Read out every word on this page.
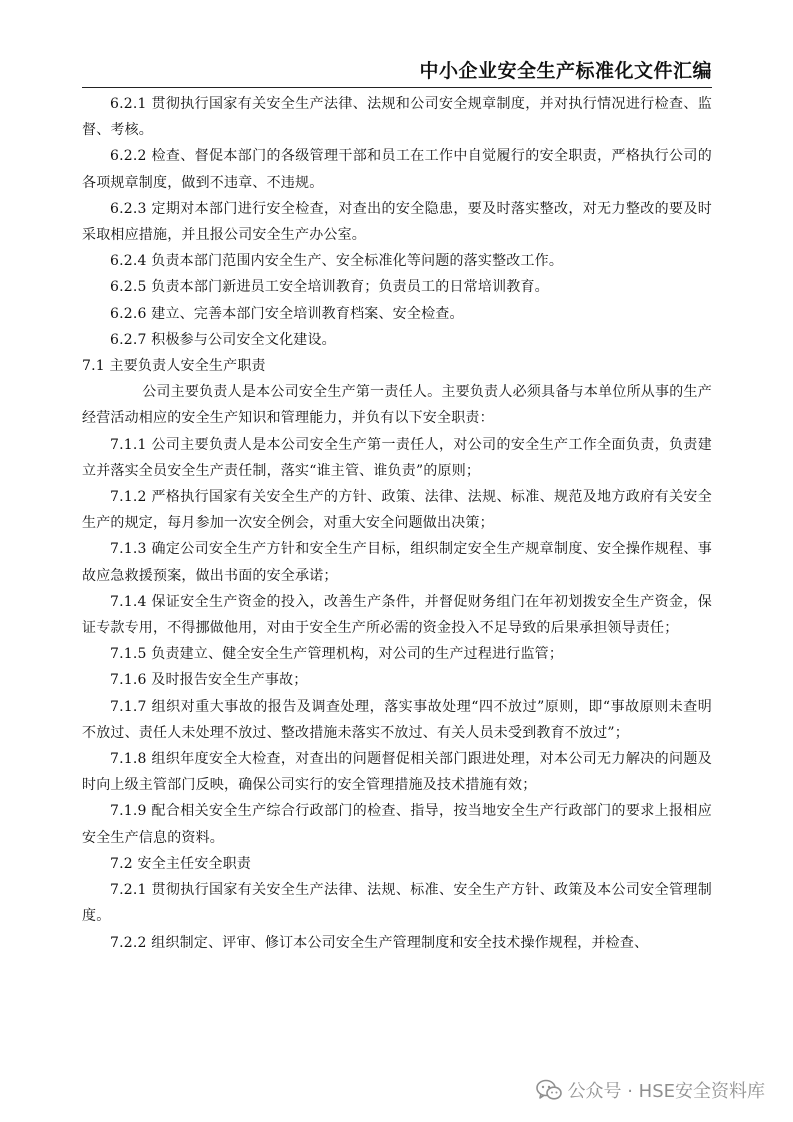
中小企业安全生产标准化文件汇编

6.2.1 贯彻执行国家有关安全生产法律、法规和公司安全规章制度，并对执行情况进行检查、监督、考核。

6.2.2 检查、督促本部门的各级管理干部和员工在工作中自觉履行的安全职责，严格执行公司的各项规章制度，做到不违章、不违规。

6.2.3 定期对本部门进行安全检查，对查出的安全隐患，要及时落实整改，对无力整改的要及时采取相应措施，并且报公司安全生产办公室。

6.2.4 负责本部门范围内安全生产、安全标准化等问题的落实整改工作。

6.2.5 负责本部门新进员工安全培训教育；负责员工的日常培训教育。

6.2.6 建立、完善本部门安全培训教育档案、安全检查。

6.2.7 积极参与公司安全文化建设。

7.1 主要负责人安全生产职责

公司主要负责人是本公司安全生产第一责任人。主要负责人必须具备与本单位所从事的生产经营活动相应的安全生产知识和管理能力，并负有以下安全职责：

7.1.1 公司主要负责人是本公司安全生产第一责任人，对公司的安全生产工作全面负责，负责建立并落实全员安全生产责任制，落实“谁主管、谁负责”的原则；

7.1.2 严格执行国家有关安全生产的方针、政策、法律、法规、标准、规范及地方政府有关安全生产的规定，每月参加一次安全例会，对重大安全问题做出决策；

7.1.3 确定公司安全生产方针和安全生产目标，组织制定安全生产规章制度、安全操作规程、事故应急救援预案，做出书面的安全承诺；

7.1.4 保证安全生产资金的投入，改善生产条件，并督促财务组门在年初划拨安全生产资金，保证专款专用，不得挪做他用，对由于安全生产所必需的资金投入不足导致的后果承担领导责任；

7.1.5 负责建立、健全安全生产管理机构，对公司的生产过程进行监管；

7.1.6 及时报告安全生产事故；

7.1.7 组织对重大事故的报告及调查处理，落实事故处理“四不放过”原则，即“事故原则未查明不放过、责任人未处理不放过、整改措施未落实不放过、有关人员未受到教育不放过”；

7.1.8 组织年度安全大检查，对查出的问题督促相关部门跟进处理，对本公司无力解决的问题及时向上级主管部门反映，确保公司实行的安全管理措施及技术措施有效；

7.1.9 配合相关安全生产综合行政部门的检查、指导，按当地安全生产行政部门的要求上报相应安全生产信息的资料。

7.2 安全主任安全职责

7.2.1 贯彻执行国家有关安全生产法律、法规、标准、安全生产方针、政策及本公司安全管理制度。

7.2.2 组织制定、评审、修订本公司安全生产管理制度和安全技术操作规程，并检查、

公众号 · HSE安全资料库
